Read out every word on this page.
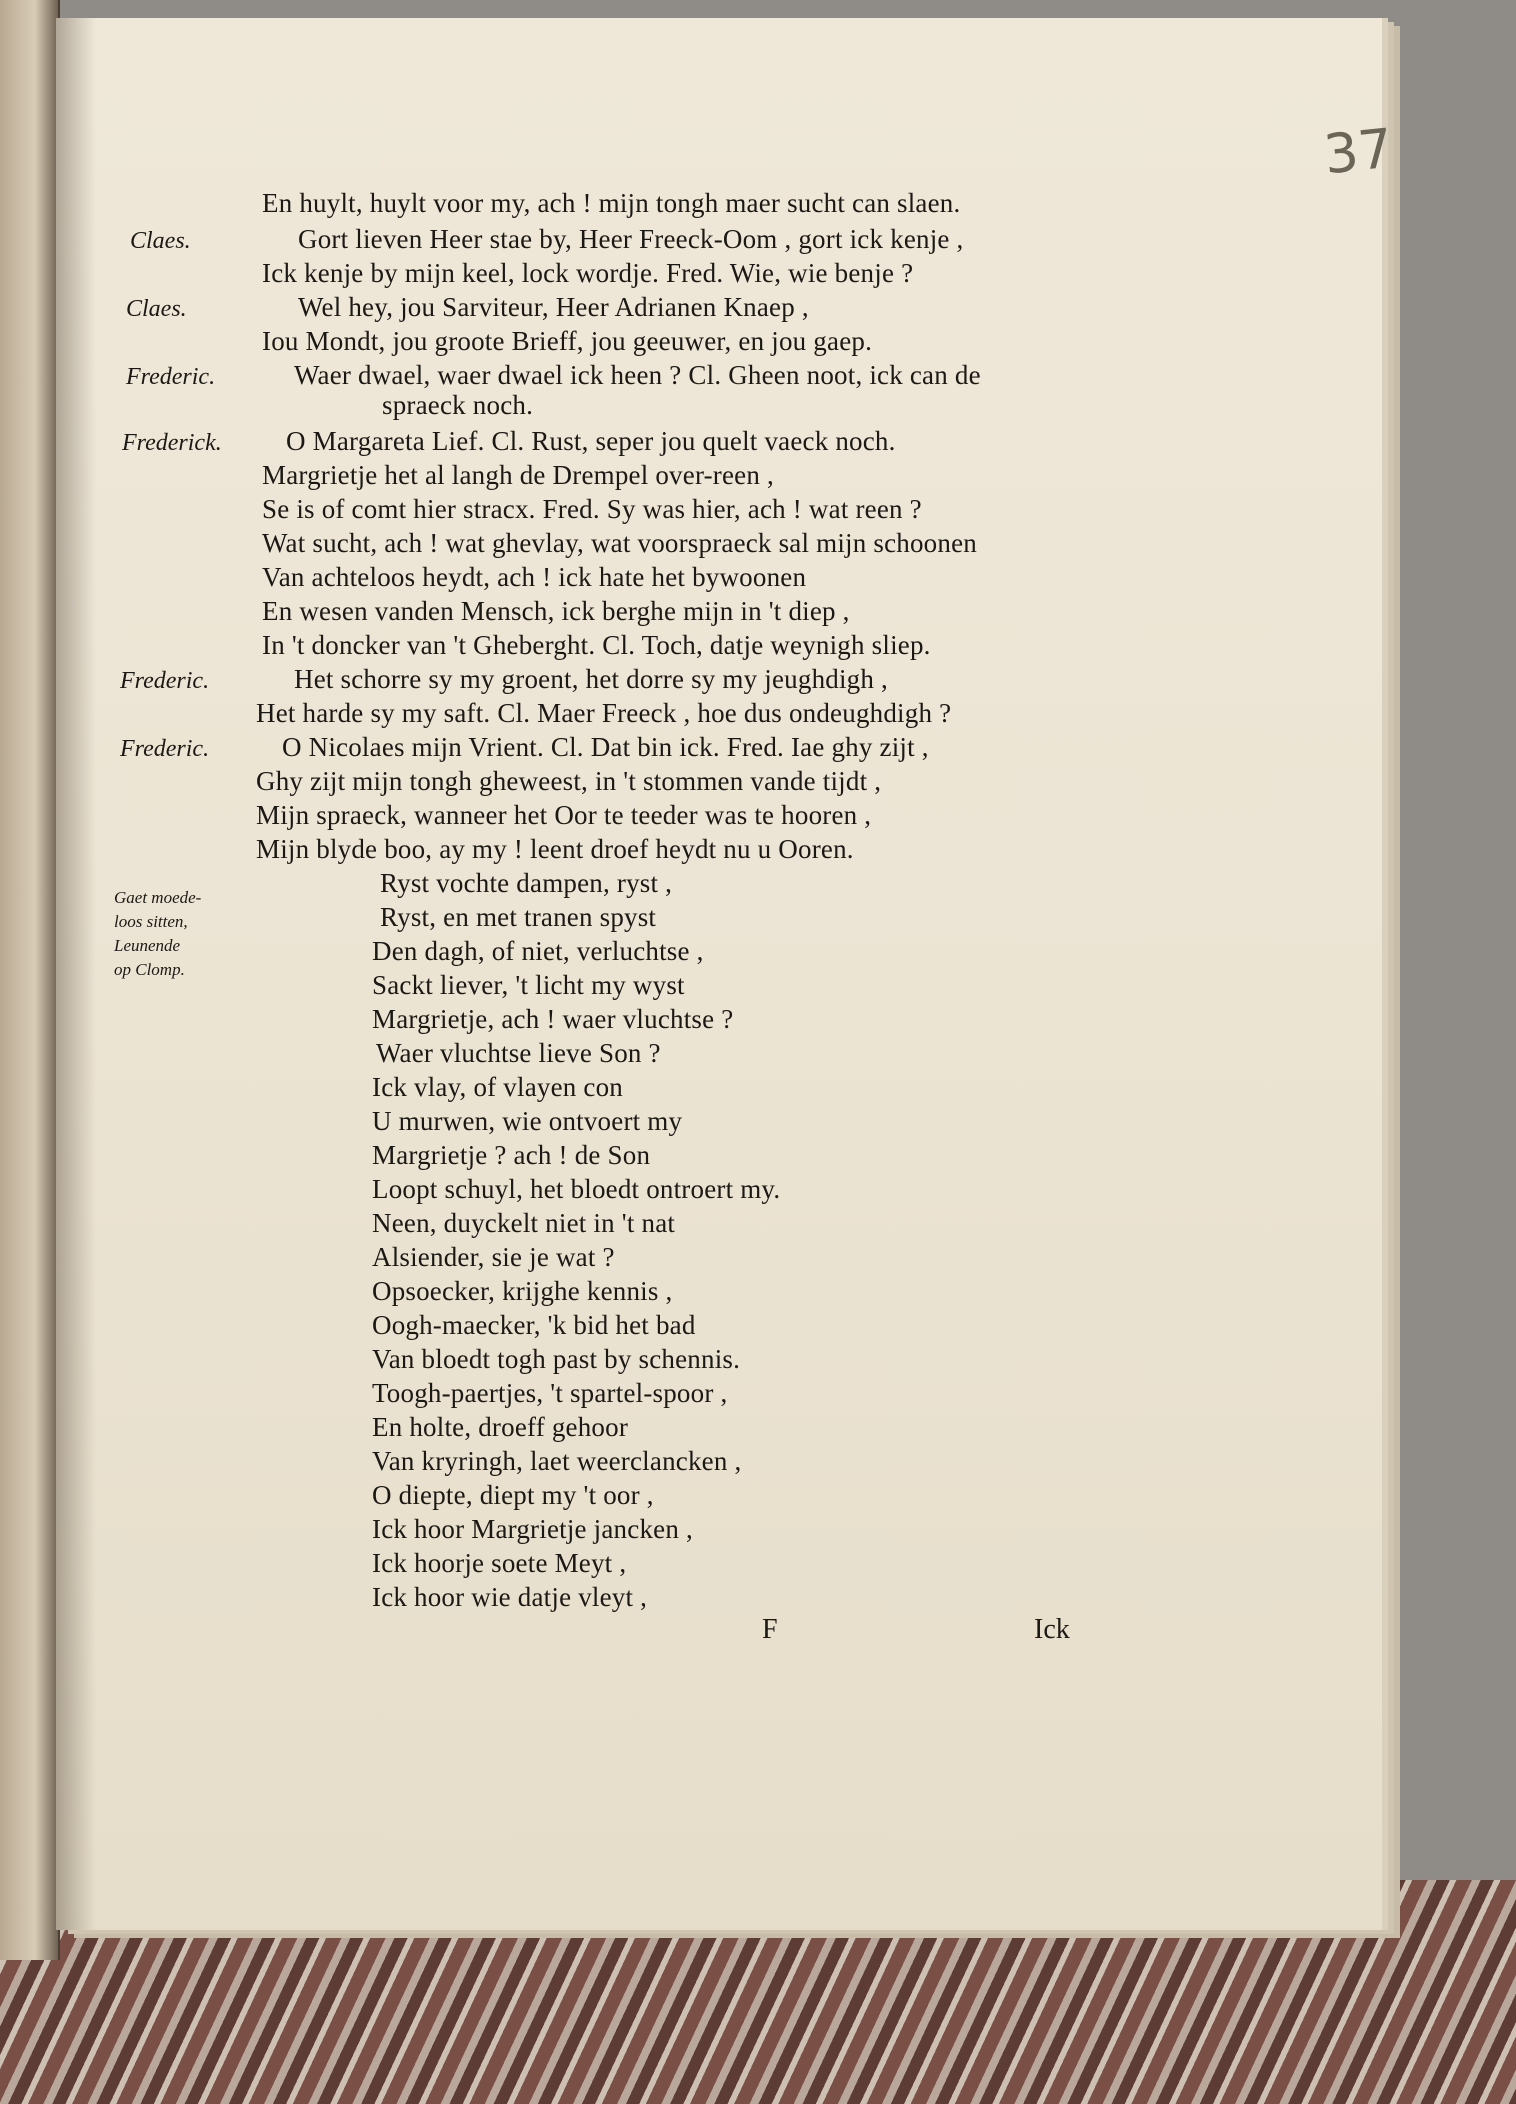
37
En huylt, huylt voor my, ach ! mijn tongh maer sucht can slaen.
Gort lieven Heer stae by, Heer Freeck-Oom , gort ick kenje ,
Ick kenje by mijn keel, lock wordje. Fred. Wie, wie benje ?
Wel hey, jou Sarviteur, Heer Adrianen Knaep ,
Iou Mondt, jou groote Brieff, jou geeuwer, en jou gaep.
Waer dwael, waer dwael ick heen ? Cl. Gheen noot, ick can de
spraeck noch.
O Margareta Lief. Cl. Rust, seper jou quelt vaeck noch.
Margrietje het al langh de Drempel over-reen ,
Se is of comt hier stracx. Fred. Sy was hier, ach ! wat reen ?
Wat sucht, ach ! wat ghevlay, wat voorspraeck sal mijn schoonen
Van achteloos heydt, ach ! ick hate het bywoonen
En wesen vanden Mensch, ick berghe mijn in 't diep ,
In 't doncker van 't Gheberght. Cl. Toch, datje weynigh sliep.
Het schorre sy my groent, het dorre sy my jeughdigh ,
Het harde sy my saft. Cl. Maer Freeck , hoe dus ondeughdigh ?
O Nicolaes mijn Vrient. Cl. Dat bin ick. Fred. Iae ghy zijt ,
Ghy zijt mijn tongh gheweest, in 't stommen vande tijdt ,
Mijn spraeck, wanneer het Oor te teeder was te hooren ,
Mijn blyde boo, ay my ! leent droef heydt nu u Ooren.
Ryst vochte dampen, ryst ,
Ryst, en met tranen spyst
Den dagh, of niet, verluchtse ,
Sackt liever, 't licht my wyst
Margrietje, ach ! waer vluchtse ?
Waer vluchtse lieve Son ?
Ick vlay, of vlayen con
U murwen, wie ontvoert my
Margrietje ? ach ! de Son
Loopt schuyl, het bloedt ontroert my.
Neen, duyckelt niet in 't nat
Alsiender, sie je wat ?
Opsoecker, krijghe kennis ,
Oogh-maecker, 'k bid het bad
Van bloedt togh past by schennis.
Toogh-paertjes, 't spartel-spoor ,
En holte, droeff gehoor
Van kryringh, laet weerclancken ,
O diepte, diept my 't oor ,
Ick hoor Margrietje jancken ,
Ick hoorje soete Meyt ,
Ick hoor wie datje vleyt ,
Claes.
Claes.
Frederic.
Frederick.
Frederic.
Frederic.
Gaet moede-
loos sitten,
Leunende
op Clomp.
F	Ick
